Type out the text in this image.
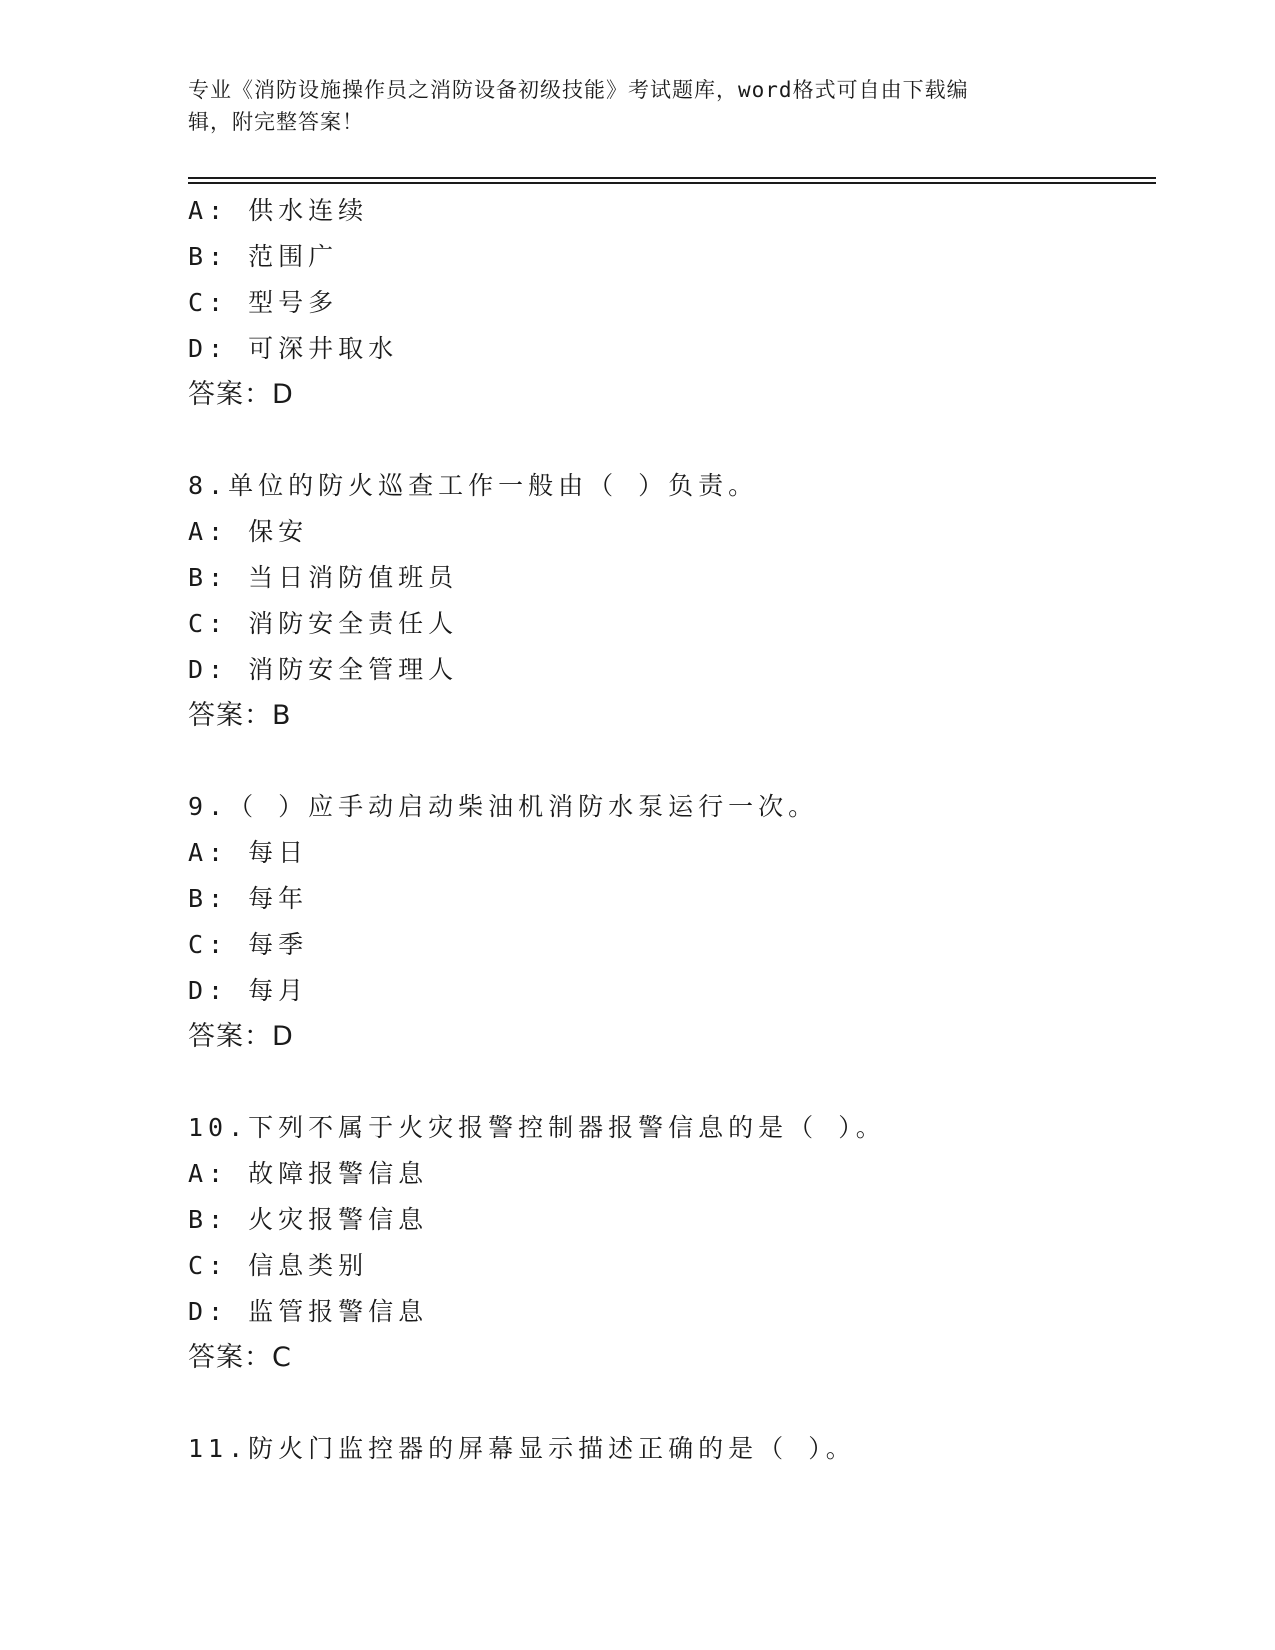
专业《消防设施操作员之消防设备初级技能》考试题库，word格式可自由下载编
辑，附完整答案！
A: 供水连续
B: 范围广
C: 型号多
D: 可深井取水
答案：D
8.单位的防火巡查工作一般由（ ）负责。
A: 保安
B: 当日消防值班员
C: 消防安全责任人
D: 消防安全管理人
答案：B
9.（ ）应手动启动柴油机消防水泵运行一次。
A: 每日
B: 每年
C: 每季
D: 每月
答案：D
10.下列不属于火灾报警控制器报警信息的是（ ）。
A: 故障报警信息
B: 火灾报警信息
C: 信息类别
D: 监管报警信息
答案：C
11.防火门监控器的屏幕显示描述正确的是（ ）。
